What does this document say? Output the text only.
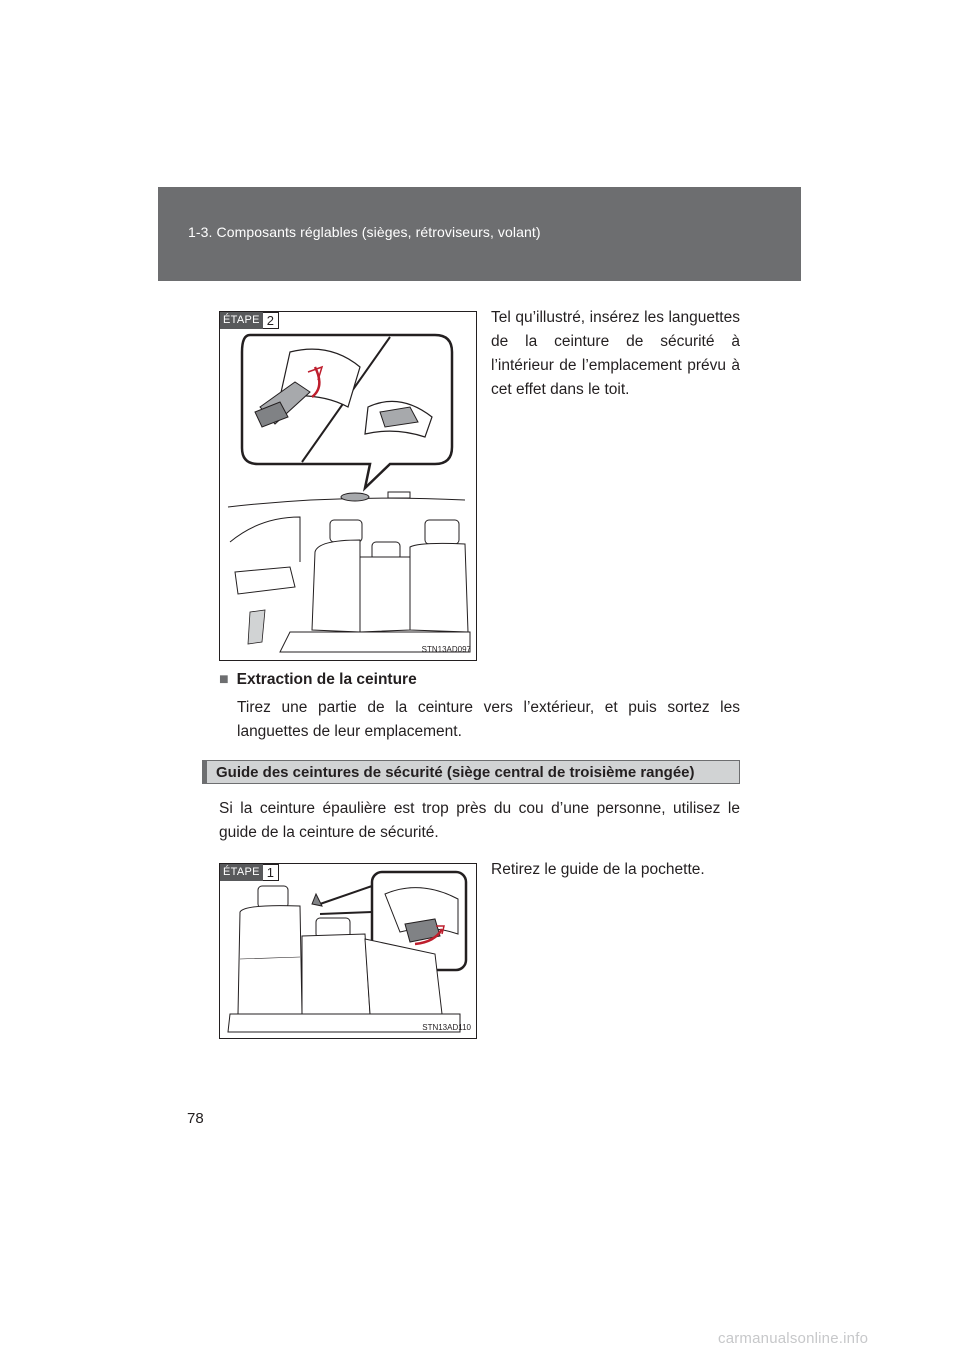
1-3. Composants réglables (sièges, rétroviseurs, volant)
ÉTAPE 2
STN13AD097
Tel qu’illustré, insérez les languettes de la ceinture de sécurité à l’intérieur de l’emplacement prévu à cet effet dans le toit.
■ Extraction de la ceinture
Tirez une partie de la ceinture vers l’extérieur, et puis sortez les languettes de leur emplacement.
Guide des ceintures de sécurité (siège central de troisième rangée)
Si la ceinture épaulière est trop près du cou d’une personne, utilisez le guide de la ceinture de sécurité.
ÉTAPE 1
STN13AD110
Retirez le guide de la pochette.
78
carmanualsonline.info
